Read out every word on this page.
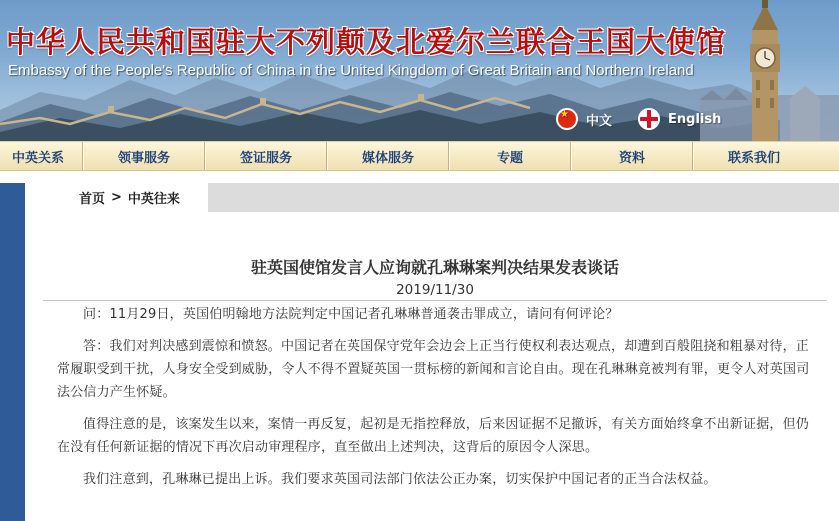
中华人民共和国驻大不列颠及北爱尔兰联合王国大使馆
Embassy of the People's Republic of China in the United Kingdom of Great Britain and Northern Ireland
★
中文	English
中英关系	领事服务	签证服务	媒体服务	专题	资料	联系我们
首页 > 中英往来
驻英国使馆发言人应询就孔琳琳案判决结果发表谈话
2019/11/30

问：11月29日，英国伯明翰地方法院判定中国记者孔琳琳普通袭击罪成立，请问有何评论？

答：我们对判决感到震惊和愤怒。中国记者在英国保守党年会边会上正当行使权利表达观点，却遭到百般阻挠和粗暴对待，正常履职受到干扰，人身安全受到威胁，令人不得不置疑英国一贯标榜的新闻和言论自由。现在孔琳琳竟被判有罪，更令人对英国司法公信力产生怀疑。

值得注意的是，该案发生以来，案情一再反复，起初是无指控释放，后来因证据不足撤诉，有关方面始终拿不出新证据，但仍在没有任何新证据的情况下再次启动审理程序，直至做出上述判决，这背后的原因令人深思。

我们注意到，孔琳琳已提出上诉。我们要求英国司法部门依法公正办案，切实保护中国记者的正当合法权益。
